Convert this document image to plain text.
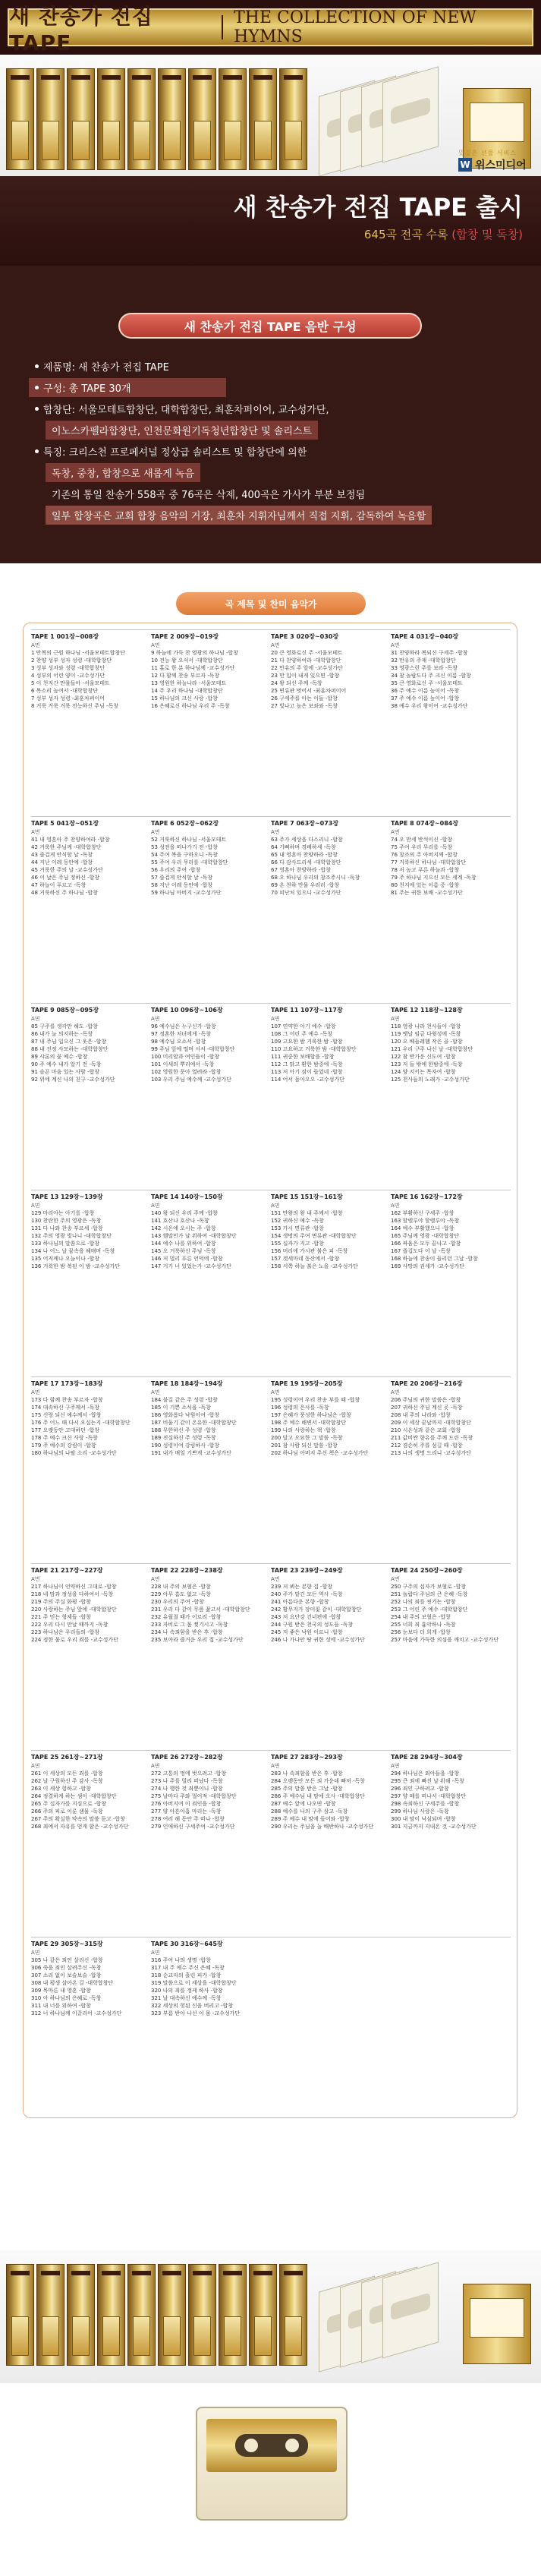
새 찬송가 전집 TAPE
THE COLLECTION OF NEW HYMNS
뜻깊은 선물 서비스
W 위스미디어
새 찬송가 전집 TAPE 출시
645곡 전곡 수록 (합창 및 독창)
새 찬송가 전집 TAPE 음반 구성
제품명: 새 찬송가 전집 TAPE
구성: 총 TAPE 30개
합창단: 서울모테트합창단, 대학합창단, 최훈차퍼이어, 교수성가단,
이노스카펠라합창단, 인천문화원기독청년합창단 및 솔리스트
특징: 크리스천 프로페셔널 정상급 솔리스트 및 합창단에 의한
독창, 중창, 합창으로 새롭게 녹음
기존의 통일 찬송가 558곡 중 76곡은 삭제, 400곡은 가사가 부분 보정됨
일부 합창곡은 교회 합창 음악의 거장, 최훈차 지휘자님께서 직접 지휘, 감독하여 녹음함
곡 제목 및 찬미 음악가
TAPE 1 001장~008장
A면
1 만복의 근원 하나님 -서울모테트합창단
2 찬양 성부 성자 성령 -대학합창단
3 성부 성자와 성령 -대학합창단
4 성부의 어린 양이 -교수성가단
5 이 천지간 만물들아 -서울모테트
6 목소리 높여서 -대학합창단
7 성부 성자 성령 -최훈차퍼이어
8 거룩 거룩 거룩 전능하신 주님 -독창
TAPE 2 009장~019장
A면
9 하늘에 가득 찬 영광의 하나님 -합창
10 전능 왕 오셔서 -대학합창단
11 홀로 한 분 하나님께 -교수성가단
12 다 함께 찬송 부르자 -독창
13 영원한 하늘나라 -서울모테트
14 주 우리 하나님 -대학합창단
15 하나님의 크신 사랑 -합창
16 은혜로신 하나님 우리 주 -독창
TAPE 3 020장~030장
A면
20 큰 영화로신 주 -서울모테트
21 다 찬양하여라 -대학합창단
22 만유의 주 앞에 -교수성가단
23 만 입이 내게 있으면 -합창
24 왕 되신 주께 -독창
25 면류관 벗어서 -최훈차퍼이어
26 구세주를 아는 이들 -합창
27 빛나고 높은 보좌와 -독창
TAPE 4 031장~040장
A면
31 찬양하라 복되신 구세주 -합창
32 만유의 주재 -대학합창단
33 영광스런 주를 보라 -독창
34 참 놀랍도다 주 크신 이름 -합창
35 큰 영화로신 주 -서울모테트
36 주 예수 이름 높이어 -독창
37 주 예수 이름 높이어 -합창
38 예수 우리 왕이여 -교수성가단
TAPE 5 041장~051장
A면
41 내 영혼아 주 찬양하여라 -합창
42 거룩한 주님께 -대학합창단
43 즐겁게 안식할 날 -독창
44 지난 이레 동안에 -합창
45 거룩한 주의 날 -교수성가단
46 이 날은 주님 정하신 -합창
47 하늘이 푸르고 -독창
48 거룩하신 주 하나님 -합창
TAPE 6 052장~062장
A면
52 거룩하신 하나님 -서울모테트
53 성전을 떠나가기 전 -합창
54 주여 복을 구하오니 -독창
55 주여 우리 무리를 -대학합창단
56 우리의 주여 -합창
57 즐겁게 안식할 날 -독창
58 지난 이레 동안에 -합창
59 하나님 아버지 -교수성가단
TAPE 7 063장~073장
A면
63 주가 세상을 다스리니 -합창
64 기뻐하며 경배하세 -독창
65 내 영혼아 찬양하라 -합창
66 다 감사드리세 -대학합창단
67 영혼아 찬양하라 -합창
68 오 하나님 우리의 창조주시니 -독창
69 온 천하 만물 우러러 -합창
70 피난처 있으니 -교수성가단
TAPE 8 074장~084장
A면
74 오 만세 반석이신 -합창
75 주여 우리 무리를 -독창
76 창조의 주 아버지께 -합창
77 거룩하신 하나님 -대학합창단
78 저 높고 푸른 하늘과 -합창
79 주 하나님 지으신 모든 세계 -독창
80 천지에 있는 이름 중 -합창
81 주는 귀한 보배 -교수성가단
TAPE 9 085장~095장
A면
85 구주를 생각만 해도 -합창
86 내가 늘 의지하는 -독창
87 내 주님 입으신 그 옷은 -합창
88 내 진정 사모하는 -대학합창단
89 샤론의 꽃 예수 -합창
90 주 예수 내가 알기 전 -독창
91 슬픈 마음 있는 사람 -합창
92 위에 계신 나의 친구 -교수성가단
TAPE 10 096장~106장
A면
96 예수님은 누구신가 -합창
97 정혼한 처녀에게 -독창
98 예수님 오소서 -합창
99 주님 앞에 떨며 서서 -대학합창단
100 미리암과 여인들이 -합창
101 이새의 뿌리에서 -독창
102 영원한 문아 열려라 -합창
103 우리 주님 예수께 -교수성가단
TAPE 11 107장~117장
A면
107 연약한 아기 예수 -합창
108 그 어린 주 예수 -독창
109 고요한 밤 거룩한 밤 -합창
110 고요하고 거룩한 밤 -대학합창단
111 귀중한 보배합을 -합창
112 그 맑고 환한 밤중에 -독창
113 저 아기 잠이 들었네 -합창
114 어서 돌아오오 -교수성가단
TAPE 12 118장~128장
A면
118 영광 나라 천사들아 -합창
119 옛날 임금 다윗성에 -독창
120 오 베들레헴 작은 골 -합창
121 우리 구주 나신 날 -대학합창단
122 참 반가운 신도여 -합창
123 저 들 밖에 한밤중에 -독창
124 양 지키는 목자여 -합창
125 천사들의 노래가 -교수성가단
TAPE 13 129장~139장
A면
129 마리아는 아기를 -합창
130 찬란한 주의 영광은 -독창
131 다 나와 찬송 부르세 -합창
132 주의 영광 빛나니 -대학합창단
133 하나님의 말씀으로 -합창
134 나 어느 날 꿈속을 헤매며 -독창
135 어저께나 오늘이나 -합창
136 거룩한 밤 복된 이 밤 -교수성가단
TAPE 14 140장~150장
A면
140 왕 되신 우리 주께 -합창
141 호산나 호산나 -독창
142 시온에 오시는 주 -합창
143 웬말인가 날 위하여 -대학합창단
144 예수 나를 위하여 -합창
145 오 거룩하신 주님 -독창
146 저 멀리 푸른 언덕에 -합창
147 거기 너 있었는가 -교수성가단
TAPE 15 151장~161장
A면
151 만왕의 왕 내 주께서 -합창
152 귀하신 예수 -독창
153 가시 면류관 -합창
154 생명의 주여 면류관 -대학합창단
155 십자가 지고 -합창
156 머리에 가시관 붉은 피 -독창
157 겟세마네 동산에서 -합창
158 서쪽 하늘 붉은 노을 -교수성가단
TAPE 16 162장~172장
A면
162 부활하신 구세주 -합창
163 할렐루야 할렐루야 -독창
164 예수 부활했으니 -합창
165 주님께 영광 -대학합창단
166 싸움은 모두 끝나고 -합창
167 즐겁도다 이 날 -독창
168 하늘에 찬송이 들리던 그날 -합창
169 사망의 권세가 -교수성가단
TAPE 17 173장~183장
A면
173 다 함께 찬송 부르자 -합창
174 대속하신 구주께서 -독창
175 신랑 되신 예수께서 -합창
176 주 어느 때 다시 오실는지 -대학합창단
177 오랫동안 고대하던 -합창
178 주 예수 크신 사랑 -독창
179 주 예수의 강림이 -합창
180 하나님의 나팔 소리 -교수성가단
TAPE 18 184장~194장
A면
184 불길 같은 주 성령 -합창
185 이 기쁜 소식을 -독창
186 영화롭다 낙원이여 -합창
187 비둘기 같이 온유한 -대학합창단
188 무한하신 주 성령 -합창
189 진실하신 주 성령 -독창
190 성령이여 강림하사 -합창
191 내가 매일 기쁘게 -교수성가단
TAPE 19 195장~205장
A면
195 성령이여 우리 찬송 부를 때 -합창
196 성령의 은사를 -독창
197 은혜가 풍성한 하나님은 -합창
198 주 예수 해변서 -대학합창단
199 나의 사랑하는 책 -합창
200 달고 오묘한 그 말씀 -독창
201 참 사람 되신 말씀 -합창
202 하나님 아버지 주신 책은 -교수성가단
TAPE 20 206장~216장
A면
206 주님의 귀한 말씀은 -합창
207 귀하신 주님 계신 곳 -독창
208 내 주의 나라와 -합창
209 이 세상 끝날까지 -대학합창단
210 시온성과 같은 교회 -합창
211 값비싼 향유를 주께 드린 -독창
212 겸손히 주를 섬길 때 -합창
213 나의 생명 드리니 -교수성가단
TAPE 21 217장~227장
A면
217 하나님이 언약하신 그대로 -합창
218 네 맘과 정성을 다하여서 -독창
219 주의 주실 화평 -합창
220 사랑하는 주님 앞에 -대학합창단
221 주 믿는 형제들 -합창
222 우리 다시 만날 때까지 -독창
223 하나님은 우리들의 -합창
224 정한 물로 우리 죄를 -교수성가단
TAPE 22 228장~238장
A면
228 내 주의 보혈은 -합창
229 아무 흠도 없고 -독창
230 우리의 주여 -합창
231 우리 다 같이 무릎 꿇고서 -대학합창단
232 유월절 때가 이르러 -합창
233 자비로 그 몸 찢기시고 -독창
234 나 속죄함을 받은 후 -합창
235 보아라 즐거운 우리 집 -교수성가단
TAPE 23 239장~249장
A면
239 저 뵈는 본향 집 -합창
240 주가 맡긴 모든 역사 -독창
241 아름다운 본향 -합창
242 황무지가 장미꽃 같이 -대학합창단
243 저 요단강 건너편에 -합창
244 구원 받은 천국의 성도들 -독창
245 저 좋은 낙원 이르니 -합창
246 나 가나안 땅 귀한 성에 -교수성가단
TAPE 24 250장~260장
A면
250 구주의 십자가 보혈로 -합창
251 놀랍다 주님의 큰 은혜 -독창
252 나의 죄를 씻기는 -합창
253 그 어린 주 예수 -대학합창단
254 내 주의 보혈은 -합창
255 너희 죄 흉악하나 -독창
256 눈보다 더 희게 -합창
257 마음에 가득한 의심을 깨치고 -교수성가단
TAPE 25 261장~271장
A면
261 이 세상의 모든 죄를 -합창
262 날 구원하신 주 감사 -독창
263 이 세상 험하고 -합창
264 정결하게 하는 샘이 -대학합창단
265 주 십자가를 지심으로 -합창
266 주의 피로 이룬 샘물 -독창
267 주의 확실한 약속의 말씀 듣고 -합창
268 죄에서 자유를 얻게 함은 -교수성가단
TAPE 26 272장~282장
A면
272 고통의 멍에 벗으려고 -합창
273 나 주를 멀리 떠났다 -독창
274 나 행한 것 죄뿐이니 -합창
275 날마다 주와 멀어져 -대학합창단
276 아버지여 이 죄인을 -합창
277 양 아흔아홉 마리는 -독창
278 여러 해 동안 주 떠나 -합창
279 인애하신 구세주여 -교수성가단
TAPE 27 283장~293장
A면
283 나 속죄함을 받은 후 -합창
284 오랫동안 모든 죄 가운데 빠져 -독창
285 주의 말씀 받은 그날 -합창
286 주 예수님 내 맘에 오사 -대학합창단
287 예수 앞에 나오면 -합창
288 예수를 나의 구주 삼고 -독창
289 주 예수 내 맘에 들어와 -합창
290 우리는 주님을 늘 배반하나 -교수성가단
TAPE 28 294장~304장
A면
294 하나님은 외아들을 -합창
295 큰 죄에 빠진 날 위해 -독창
296 죄인 구하려고 -합창
297 양 떼를 떠나서 -대학합창단
298 속죄하신 구세주를 -합창
299 하나님 사랑은 -독창
300 내 맘이 낙심되며 -합창
301 지금까지 지내온 것 -교수성가단
TAPE 29 305장~315장
A면
305 나 같은 죄인 살리신 -합창
306 죽을 죄인 살려주신 -독창
307 소리 없이 보슬보슬 -합창
308 내 평생 살아온 길 -대학합창단
309 목마른 내 영혼 -합창
310 아 하나님의 은혜로 -독창
311 내 너를 위하여 -합창
312 너 하나님께 이끌리어 -교수성가단
TAPE 30 316장~645장
A면
316 주여 나의 생명 -합창
317 내 주 예수 주신 은혜 -독창
318 순교자의 흘린 피가 -합창
319 말씀으로 이 세상을 -대학합창단
320 나의 죄를 정케 하사 -합창
321 날 대속하신 예수께 -독창
322 세상의 헛된 신을 버리고 -합창
323 부름 받아 나선 이 몸 -교수성가단
